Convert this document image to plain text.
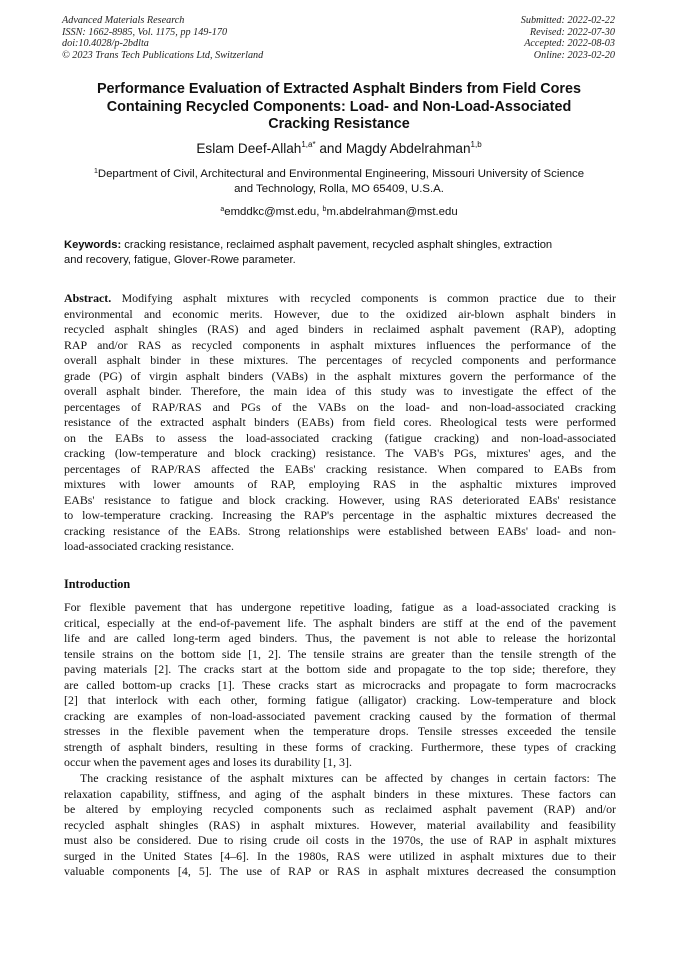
Advanced Materials Research
ISSN: 1662-8985, Vol. 1175, pp 149-170
doi:10.4028/p-2bdlta
© 2023 Trans Tech Publications Ltd, Switzerland
Submitted: 2022-02-22
Revised: 2022-07-30
Accepted: 2022-08-03
Online: 2023-02-20
Performance Evaluation of Extracted Asphalt Binders from Field Cores
Containing Recycled Components: Load- and Non-Load-Associated
Cracking Resistance
Eslam Deef-Allah$^{1,a*}$ and Magdy Abdelrahman$^{1,b}$
$^1$Department of Civil, Architectural and Environmental Engineering, Missouri University of Science
and Technology, Rolla, MO 65409, U.S.A.
$^a$emddkc@mst.edu, $^b$m.abdelrahman@mst.edu
Keywords: cracking resistance, reclaimed asphalt pavement, recycled asphalt shingles, extraction
and recovery, fatigue, Glover-Rowe parameter.
Abstract. Modifying asphalt mixtures with recycled components is common practice due to their
environmental and economic merits. However, due to the oxidized air-blown asphalt binders in
recycled asphalt shingles (RAS) and aged binders in reclaimed asphalt pavement (RAP), adopting
RAP and/or RAS as recycled components in asphalt mixtures influences the performance of the
overall asphalt binder in these mixtures. The percentages of recycled components and performance
grade (PG) of virgin asphalt binders (VABs) in the asphalt mixtures govern the performance of the
overall asphalt binder. Therefore, the main idea of this study was to investigate the effect of the
percentages of RAP/RAS and PGs of the VABs on the load- and non-load-associated cracking
resistance of the extracted asphalt binders (EABs) from field cores. Rheological tests were performed
on the EABs to assess the load-associated cracking (fatigue cracking) and non-load-associated
cracking (low-temperature and block cracking) resistance. The VAB's PGs, mixtures' ages, and the
percentages of RAP/RAS affected the EABs' cracking resistance. When compared to EABs from
mixtures with lower amounts of RAP, employing RAS in the asphaltic mixtures improved
EABs' resistance to fatigue and block cracking. However, using RAS deteriorated EABs' resistance
to low-temperature cracking. Increasing the RAP's percentage in the asphaltic mixtures decreased the
cracking resistance of the EABs. Strong relationships were established between EABs' load- and non-
load-associated cracking resistance.
Introduction
For flexible pavement that has undergone repetitive loading, fatigue as a load-associated cracking is
critical, especially at the end-of-pavement life. The asphalt binders are stiff at the end of the pavement
life and are called long-term aged binders. Thus, the pavement is not able to release the horizontal
tensile strains on the bottom side [1, 2]. The tensile strains are greater than the tensile strength of the
paving materials [2]. The cracks start at the bottom side and propagate to the top side; therefore, they
are called bottom-up cracks [1]. These cracks start as microcracks and propagate to form macrocracks
[2] that interlock with each other, forming fatigue (alligator) cracking. Low-temperature and block
cracking are examples of non-load-associated pavement cracking caused by the formation of thermal
stresses in the flexible pavement when the temperature drops. Tensile stresses exceeded the tensile
strength of asphalt binders, resulting in these forms of cracking. Furthermore, these types of cracking
occur when the pavement ages and loses its durability [1, 3].
The cracking resistance of the asphalt mixtures can be affected by changes in certain factors: The
relaxation capability, stiffness, and aging of the asphalt binders in these mixtures. These factors can
be altered by employing recycled components such as reclaimed asphalt pavement (RAP) and/or
recycled asphalt shingles (RAS) in asphalt mixtures. However, material availability and feasibility
must also be considered. Due to rising crude oil costs in the 1970s, the use of RAP in asphalt mixtures
surged in the United States [4–6]. In the 1980s, RAS were utilized in asphalt mixtures due to their
valuable components [4, 5]. The use of RAP or RAS in asphalt mixtures decreased the consumption
